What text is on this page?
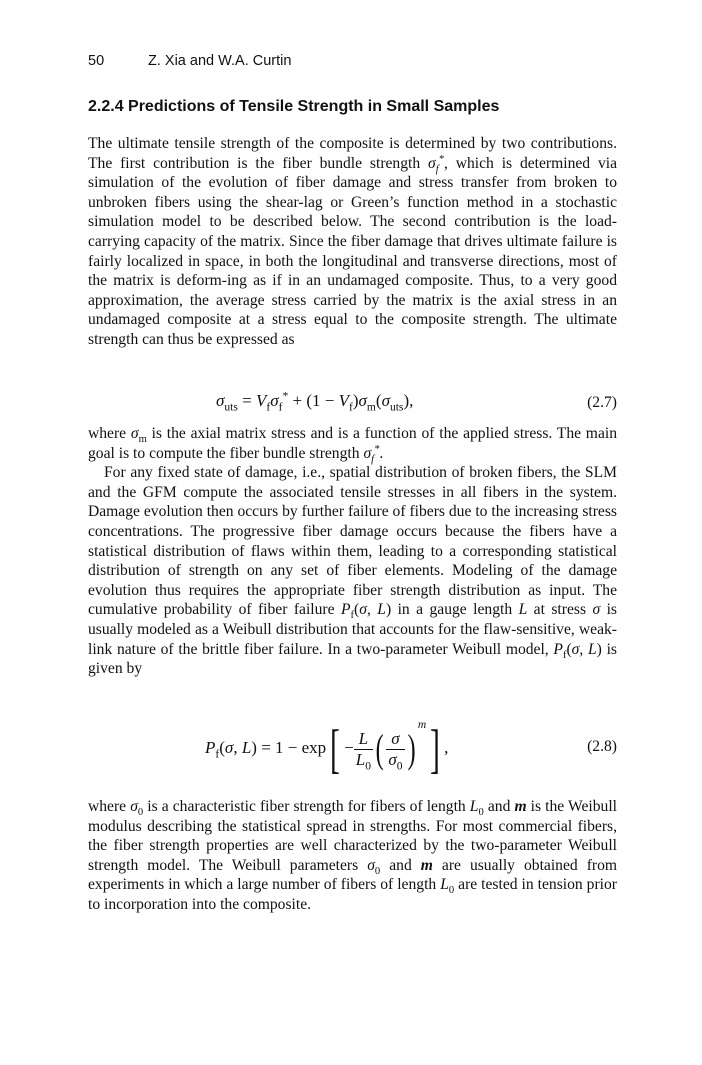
50	Z. Xia and W.A. Curtin
2.2.4 Predictions of Tensile Strength in Small Samples

The ultimate tensile strength of the composite is determined by two contributions. The first contribution is the fiber bundle strength $\sigma_f^*$, which is determined via simulation of the evolution of fiber damage and stress transfer from broken to unbroken fibers using the shear-lag or Green’s function method in a stochastic simulation model to be described below. The second contribution is the load-carrying capacity of the matrix. Since the fiber damage that drives ultimate failure is fairly localized in space, in both the longitudinal and transverse directions, most of the matrix is deform-ing as if in an undamaged composite. Thus, to a very good approximation, the average stress carried by the matrix is the axial stress in an undamaged composite at a stress equal to the composite strength. The ultimate strength can thus be expressed as

$\sigma_{uts} = V_f\sigma_f^* + (1 - V_f)\sigma_m(\sigma_{uts})$,	(2.7)

where $\sigma_m$ is the axial matrix stress and is a function of the applied stress. The main goal is to compute the fiber bundle strength $\sigma_f^*$.

For any fixed state of damage, i.e., spatial distribution of broken fibers, the SLM and the GFM compute the associated tensile stresses in all fibers in the system. Damage evolution then occurs by further failure of fibers due to the increasing stress concentrations. The progressive fiber damage occurs because the fibers have a statistical distribution of flaws within them, leading to a corresponding statistical distribution of strength on any set of fiber elements. Modeling of the damage evolution thus requires the appropriate fiber strength distribution as input. The cumulative probability of fiber failure $P_f(\sigma$, L) in a gauge length L at stress σ is usually modeled as a Weibull distribution that accounts for the flaw-sensitive, weak-link nature of the brittle fiber failure. In a two-parameter Weibull model, $P_f(\sigma$, L) is given by

$P_f(\sigma$, $L) = 1 - \exp[ - \frac{L}{L_0}$ ( $\frac{\sigma}{\sigma_0} )^m$] ,	(2.8)

where $\sigma_0$ is a characteristic fiber strength for fibers of length $L_0$ and m is the Weibull modulus describing the statistical spread in strengths. For most commercial fibers, the fiber strength properties are well characterized by the two-parameter Weibull strength model. The Weibull parameters $\sigma_0$ and m are usually obtained from experiments in which a large number of fibers of length $L_0$ are tested in tension prior to incorporation into the composite.
